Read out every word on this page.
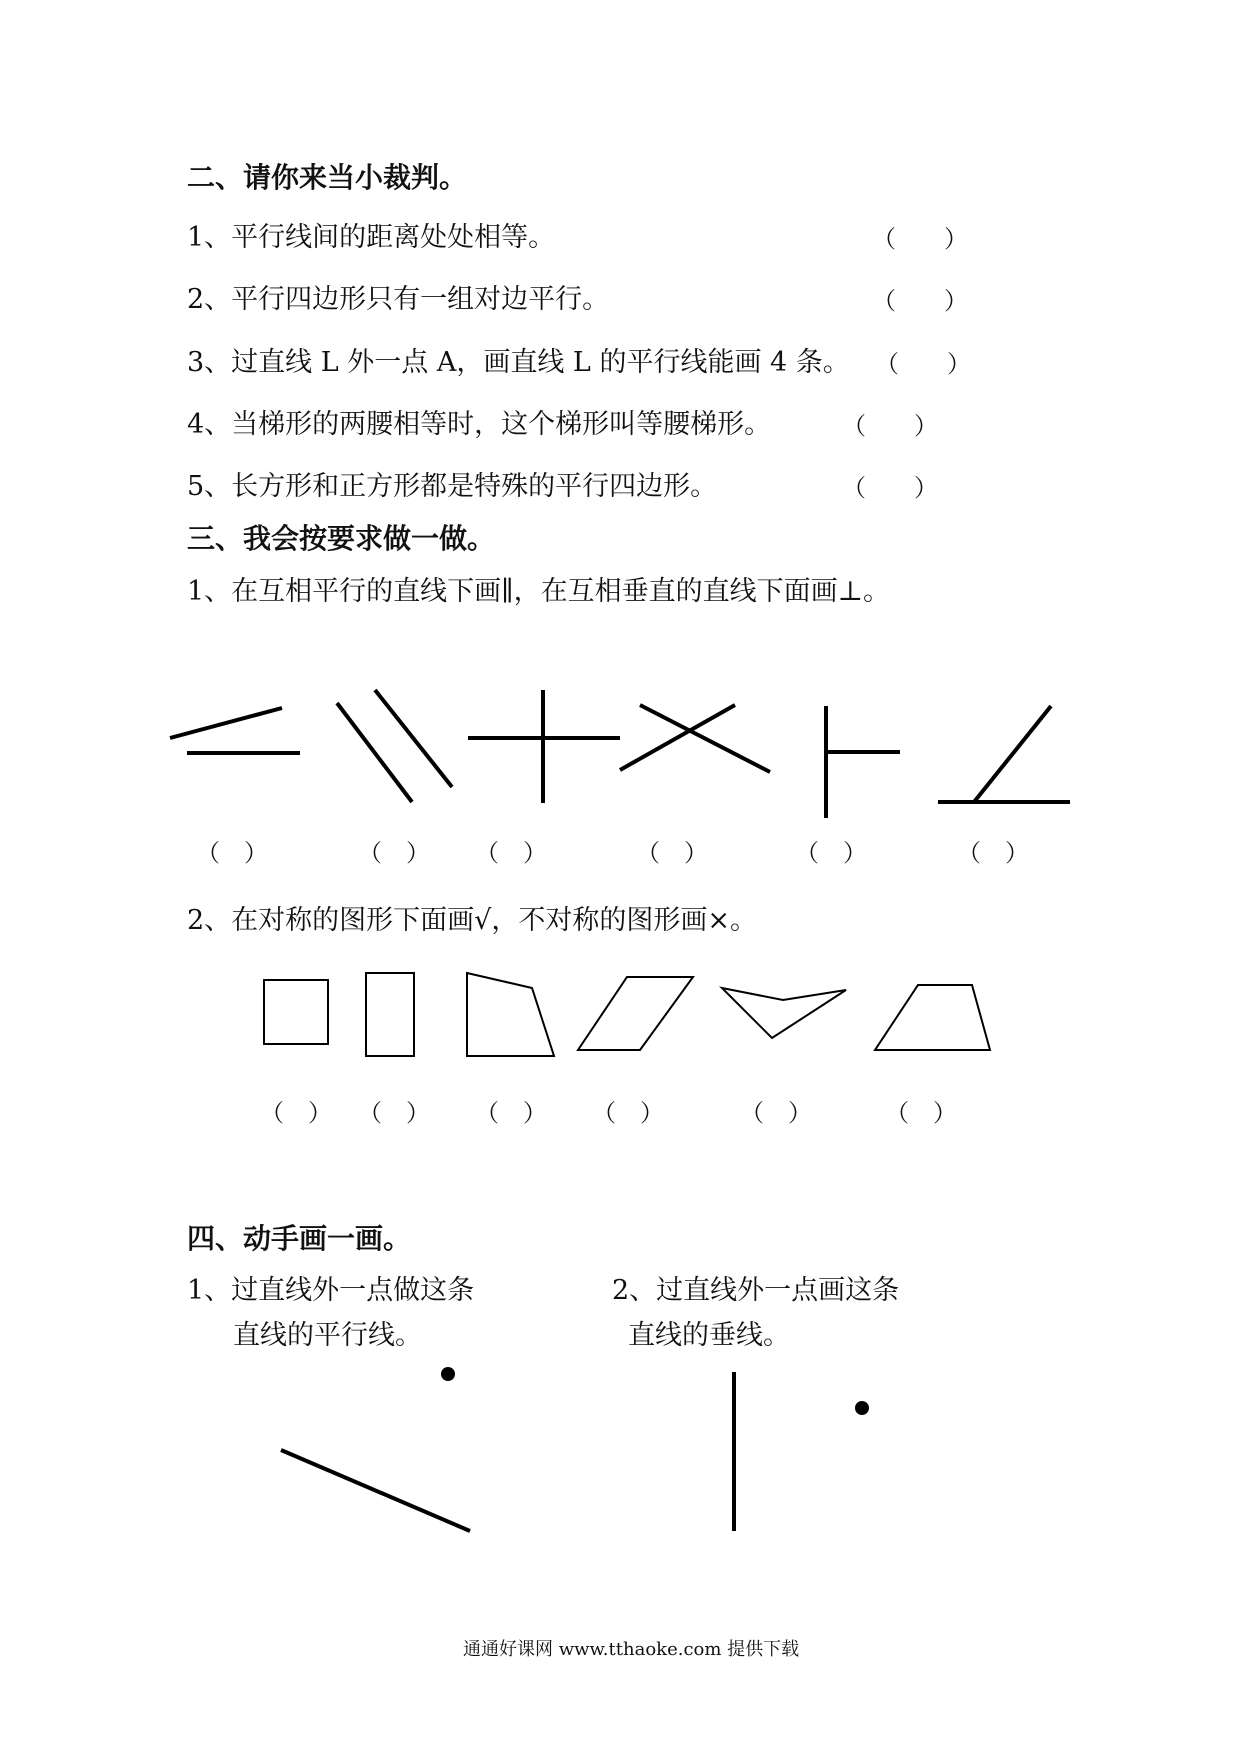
二、请你来当小裁判。
1、平行线间的距离处处相等。	（　　）
2、平行四边形只有一组对边平行。	（　　）
3、过直线 L 外一点 A，画直线 L 的平行线能画 4 条。 （　　）
4、当梯形的两腰相等时，这个梯形叫等腰梯形。	（　　）
5、长方形和正方形都是特殊的平行四边形。	（　　）
三、我会按要求做一做。
1、在互相平行的直线下画∥，在互相垂直的直线下面画⊥。
（　）	（　） （　）	（　）	（　）	（　）
2、在对称的图形下面画√，不对称的图形画×。
（　） （　） （　） （　）	（　）	（　）
四、动手画一画。
1、过直线外一点做这条
直线的平行线。
2、过直线外一点画这条
直线的垂线。
通通好课网 www.tthaoke.com 提供下载
